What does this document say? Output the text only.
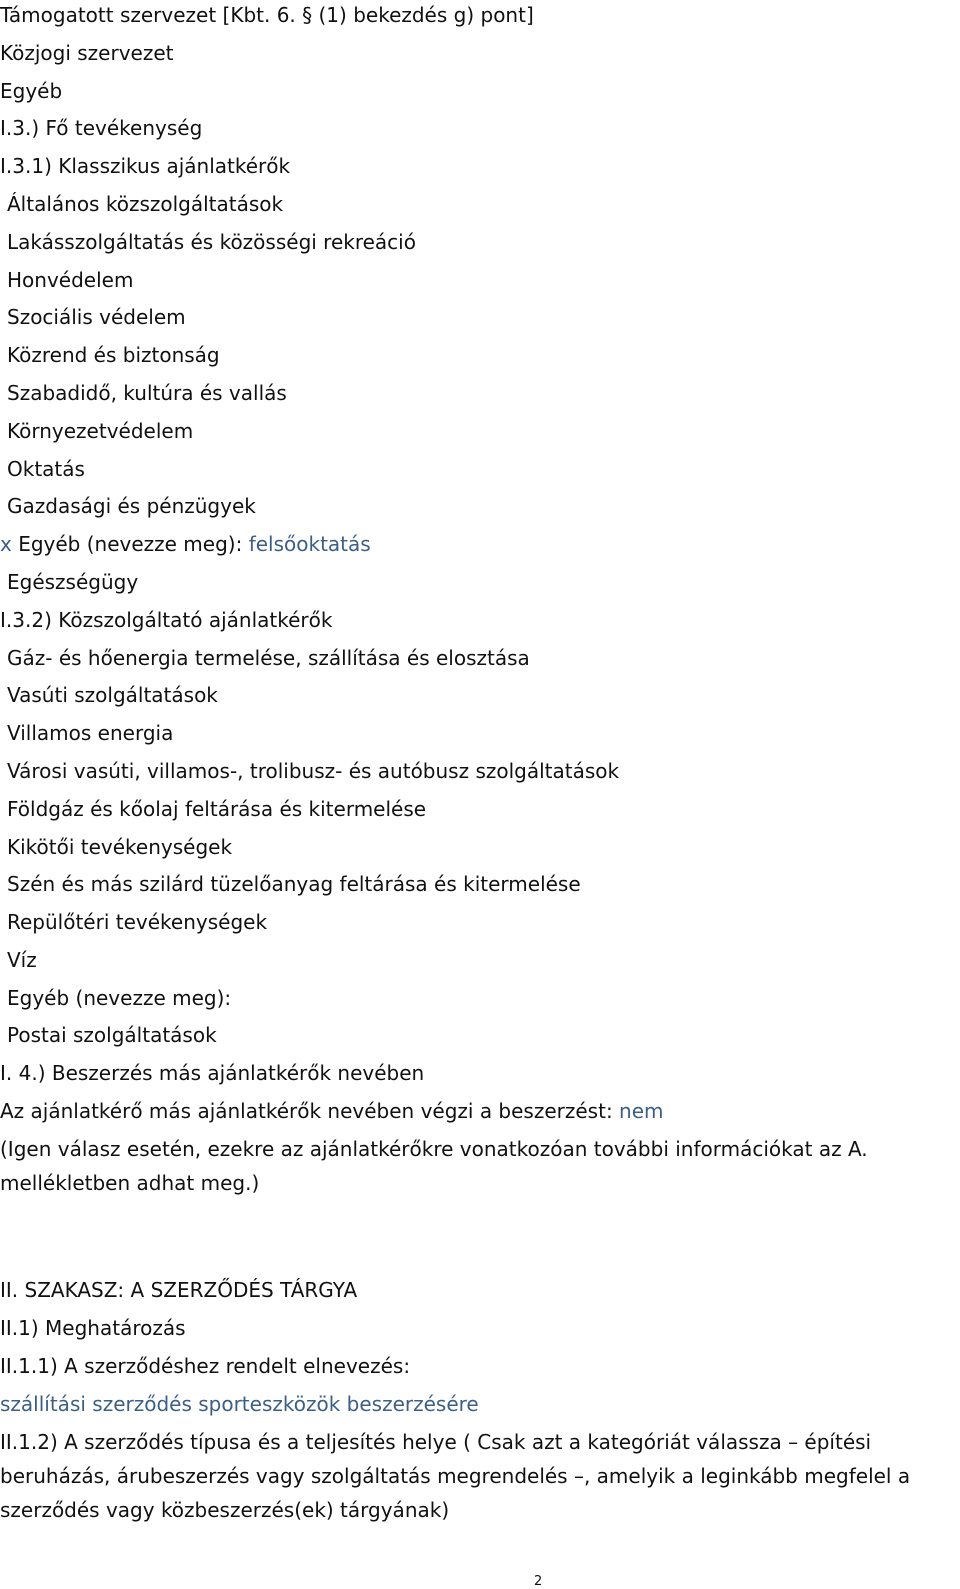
Támogatott szervezet [Kbt. 6. § (1) bekezdés g) pont]
Közjogi szervezet
Egyéb
I.3.) Fő tevékenység
I.3.1) Klasszikus ajánlatkérők
Általános közszolgáltatások
Lakásszolgáltatás és közösségi rekreáció
Honvédelem
Szociális védelem
Közrend és biztonság
Szabadidő, kultúra és vallás
Környezetvédelem
Oktatás
Gazdasági és pénzügyek
x Egyéb (nevezze meg): felsőoktatás
Egészségügy
I.3.2) Közszolgáltató ajánlatkérők
Gáz- és hőenergia termelése, szállítása és elosztása
Vasúti szolgáltatások
Villamos energia
Városi vasúti, villamos-, trolibusz- és autóbusz szolgáltatások
Földgáz és kőolaj feltárása és kitermelése
Kikötői tevékenységek
Szén és más szilárd tüzelőanyag feltárása és kitermelése
Repülőtéri tevékenységek
Víz
Egyéb (nevezze meg):
Postai szolgáltatások
I. 4.) Beszerzés más ajánlatkérők nevében
Az ajánlatkérő más ajánlatkérők nevében végzi a beszerzést: nem
(Igen válasz esetén, ezekre az ajánlatkérőkre vonatkozóan további információkat az A. mellékletben adhat meg.)
II. SZAKASZ: A SZERZŐDÉS TÁRGYA
II.1) Meghatározás
II.1.1) A szerződéshez rendelt elnevezés:
szállítási szerződés sporteszközök beszerzésére
II.1.2) A szerződés típusa és a teljesítés helye ( Csak azt a kategóriát válassza – építési beruházás, árubeszerzés vagy szolgáltatás megrendelés –, amelyik a leginkább megfelel a szerződés vagy közbeszerzés(ek) tárgyának)
2
